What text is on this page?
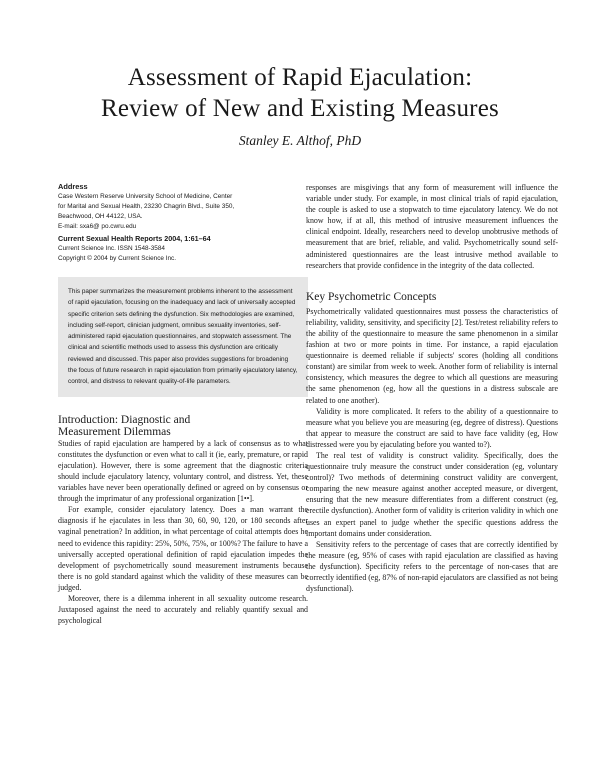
Assessment of Rapid Ejaculation:
Review of New and Existing Measures
Stanley E. Althof, PhD
Address
Case Western Reserve University School of Medicine, Center
for Marital and Sexual Health, 23230 Chagrin Blvd., Suite 350,
Beachwood, OH 44122, USA.
E-mail: sxa6@ po.cwru.edu
Current Sexual Health Reports 2004, 1:61–64
Current Science Inc. ISSN 1548-3584
Copyright © 2004 by Current Science Inc.
This paper summarizes the measurement problems inherent to the assessment of rapid ejaculation, focusing on the inadequacy and lack of universally accepted specific criterion sets defining the dysfunction. Six methodologies are examined, including self-report, clinician judgment, omnibus sexuality inventories, self-administered rapid ejaculation questionnaires, and stopwatch assessment. The clinical and scientific methods used to assess this dysfunction are critically reviewed and discussed. This paper also provides suggestions for broadening the focus of future research in rapid ejaculation from primarily ejaculatory latency, control, and distress to relevant quality-of-life parameters.
Introduction: Diagnostic and
Measurement Dilemmas

Studies of rapid ejaculation are hampered by a lack of consensus as to what constitutes the dysfunction or even what to call it (ie, early, premature, or rapid ejaculation). However, there is some agreement that the diagnostic criteria should include ejaculatory latency, voluntary control, and distress. Yet, these variables have never been operationally defined or agreed on by consensus or through the imprimatur of any professional organization [1••].

For example, consider ejaculatory latency. Does a man warrant the diagnosis if he ejaculates in less than 30, 60, 90, 120, or 180 seconds after vaginal penetration? In addition, in what percentage of coital attempts does he need to evidence this rapidity: 25%, 50%, 75%, or 100%? The failure to have a universally accepted operational definition of rapid ejaculation impedes the development of psychometrically sound measurement instruments because there is no gold standard against which the validity of these measures can be judged.

Moreover, there is a dilemma inherent in all sexuality outcome research. Juxtaposed against the need to accurately and reliably quantify sexual and psychological

responses are misgivings that any form of measurement will influence the variable under study. For example, in most clinical trials of rapid ejaculation, the couple is asked to use a stopwatch to time ejaculatory latency. We do not know how, if at all, this method of intrusive measurement influences the clinical endpoint. Ideally, researchers need to develop unobtrusive methods of measurement that are brief, reliable, and valid. Psychometrically sound self-administered questionnaires are the least intrusive method available to researchers that provide confidence in the integrity of the data collected.

Key Psychometric Concepts

Psychometrically validated questionnaires must possess the characteristics of reliability, validity, sensitivity, and specificity [2]. Test/retest reliability refers to the ability of the questionnaire to measure the same phenomenon in a similar fashion at two or more points in time. For instance, a rapid ejaculation questionnaire is deemed reliable if subjects' scores (holding all conditions constant) are similar from week to week. Another form of reliability is internal consistency, which measures the degree to which all questions are measuring the same phenomenon (eg, how all the questions in a distress subscale are related to one another).

Validity is more complicated. It refers to the ability of a questionnaire to measure what you believe you are measuring (eg, degree of distress). Questions that appear to measure the construct are said to have face validity (eg, How distressed were you by ejaculating before you wanted to?).

The real test of validity is construct validity. Specifically, does the questionnaire truly measure the construct under consideration (eg, voluntary control)? Two methods of determining construct validity are convergent, comparing the new measure against another accepted measure, or divergent, ensuring that the new measure differentiates from a different construct (eg, erectile dysfunction). Another form of validity is criterion validity in which one uses an expert panel to judge whether the specific questions address the important domains under consideration.

Sensitivity refers to the percentage of cases that are correctly identified by the measure (eg, 95% of cases with rapid ejaculation are classified as having the dysfunction). Specificity refers to the percentage of non-cases that are correctly identified (eg, 87% of non-rapid ejaculators are classified as not being dysfunctional).
